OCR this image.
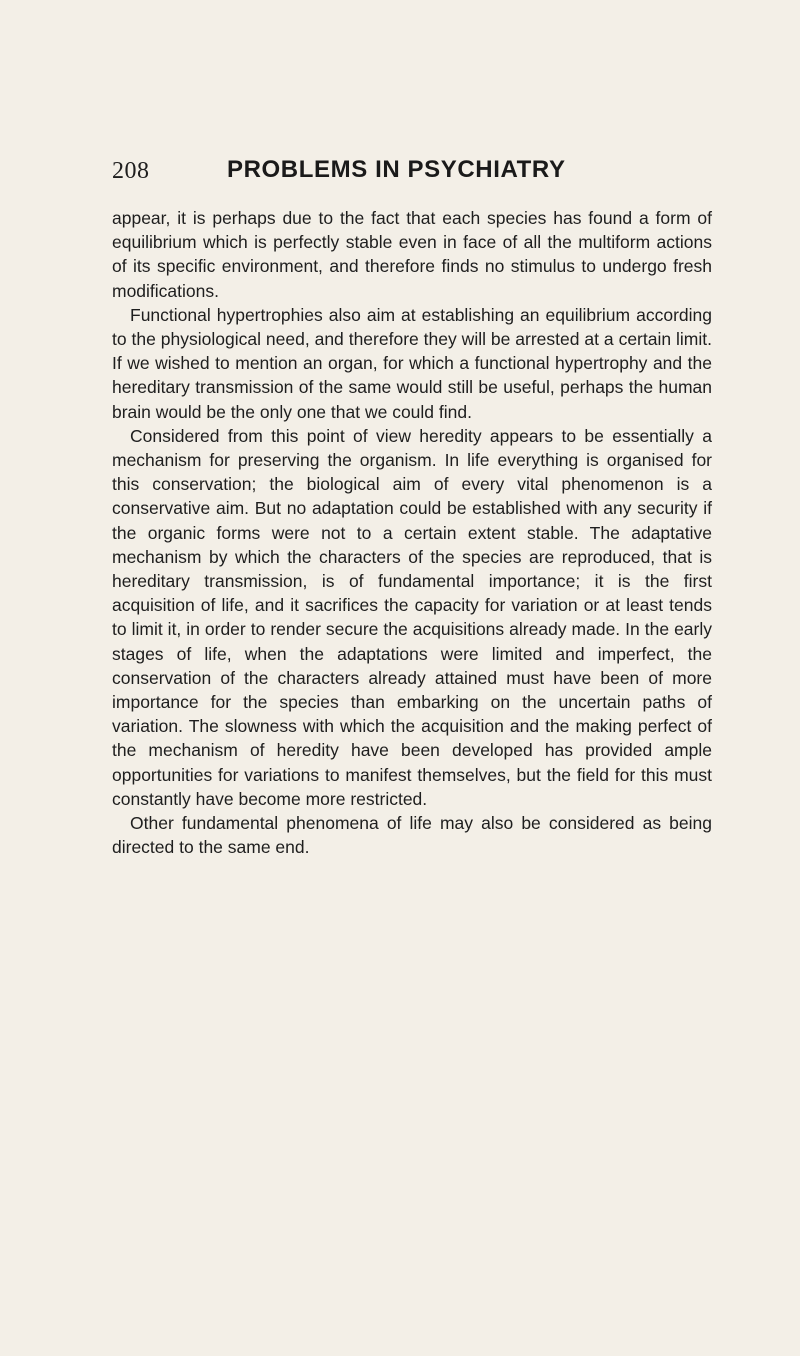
208	PROBLEMS IN PSYCHIATRY

appear, it is perhaps due to the fact that each species has found a form of equilibrium which is perfectly stable even in face of all the multiform actions of its specific environment, and therefore finds no stimulus to undergo fresh modifications.

Functional hypertrophies also aim at establishing an equilibrium according to the physiological need, and therefore they will be arrested at a certain limit. If we wished to mention an organ, for which a functional hypertrophy and the hereditary transmission of the same would still be useful, perhaps the human brain would be the only one that we could find.

Considered from this point of view heredity appears to be essentially a mechanism for preserving the organism. In life everything is organised for this conservation; the biological aim of every vital phenomenon is a conservative aim. But no adaptation could be established with any security if the organic forms were not to a certain extent stable. The adaptative mechanism by which the characters of the species are reproduced, that is hereditary transmission, is of fundamental importance; it is the first acquisition of life, and it sacrifices the capacity for variation or at least tends to limit it, in order to render secure the acquisitions already made. In the early stages of life, when the adaptations were limited and imperfect, the conservation of the characters already attained must have been of more importance for the species than embarking on the uncertain paths of variation. The slowness with which the acquisition and the making perfect of the mechanism of heredity have been developed has provided ample opportunities for variations to manifest themselves, but the field for this must constantly have become more restricted.

Other fundamental phenomena of life may also be considered as being directed to the same end.
